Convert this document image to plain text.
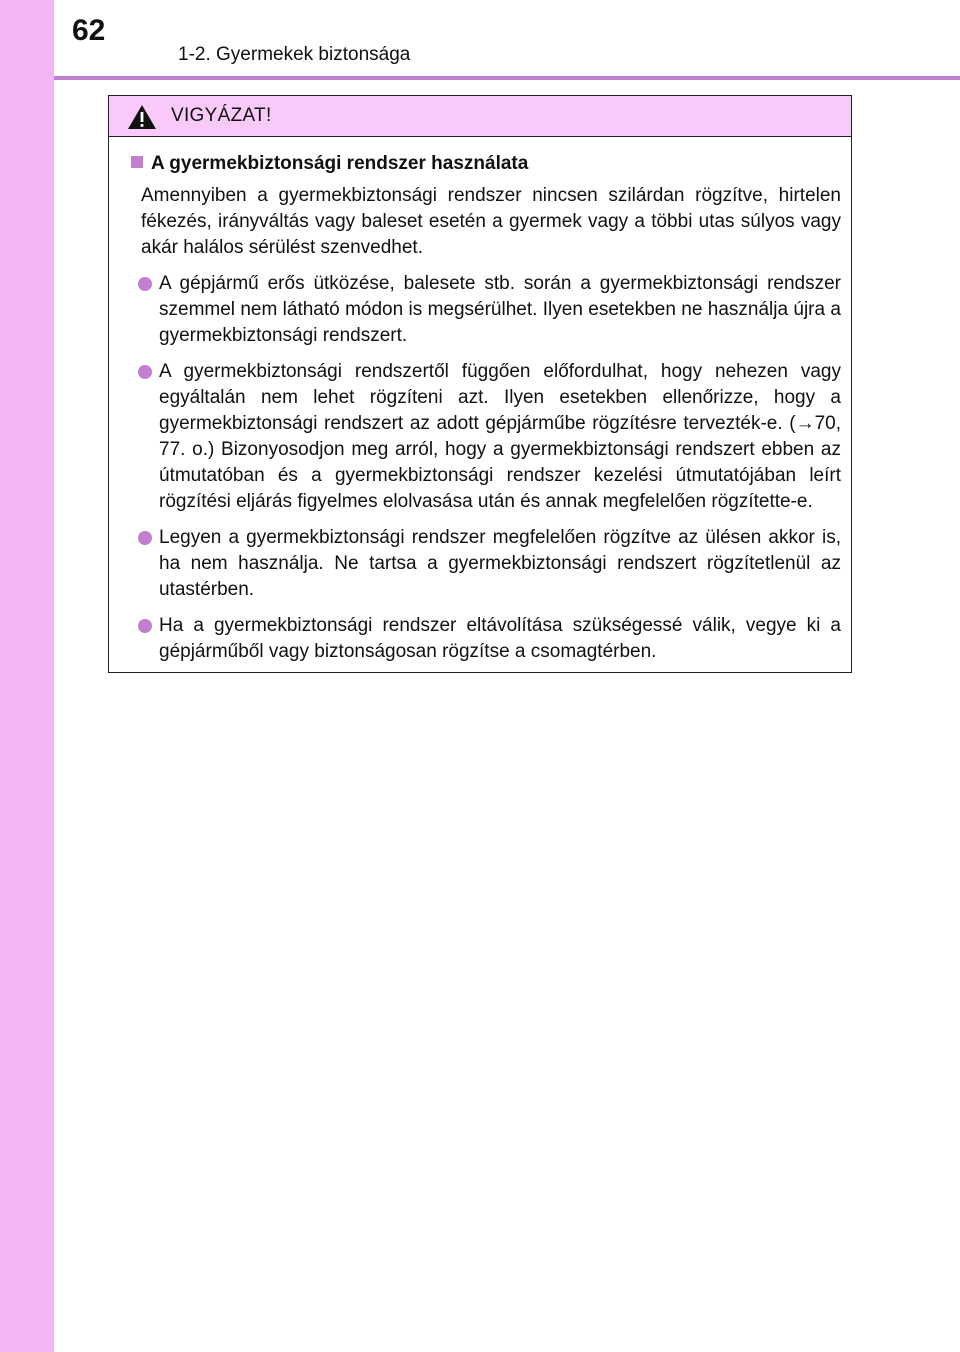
62
1-2. Gyermekek biztonsága
VIGYÁZAT!
A gyermekbiztonsági rendszer használata
Amennyiben a gyermekbiztonsági rendszer nincsen szilárdan rögzítve, hirtelen fékezés, irányváltás vagy baleset esetén a gyermek vagy a többi utas súlyos vagy akár halálos sérülést szenvedhet.
A gépjármű erős ütközése, balesete stb. során a gyermekbiztonsági rendszer szemmel nem látható módon is megsérülhet. Ilyen esetekben ne használja újra a gyermekbiztonsági rendszert.
A gyermekbiztonsági rendszertől függően előfordulhat, hogy nehezen vagy egyáltalán nem lehet rögzíteni azt. Ilyen esetekben ellenőrizze, hogy a gyermekbiztonsági rendszert az adott gépjárműbe rögzítésre tervezték-e. (→70, 77. o.) Bizonyosodjon meg arról, hogy a gyermekbiztonsági rendszert ebben az útmutatóban és a gyermekbiztonsági rendszer kezelési útmutatójában leírt rögzítési eljárás figyelmes elolvasása után és annak megfelelően rögzítette-e.
Legyen a gyermekbiztonsági rendszer megfelelően rögzítve az ülésen akkor is, ha nem használja. Ne tartsa a gyermekbiztonsági rendszert rögzítetlenül az utastérben.
Ha a gyermekbiztonsági rendszer eltávolítása szükségessé válik, vegye ki a gépjárműből vagy biztonságosan rögzítse a csomagtérben.
